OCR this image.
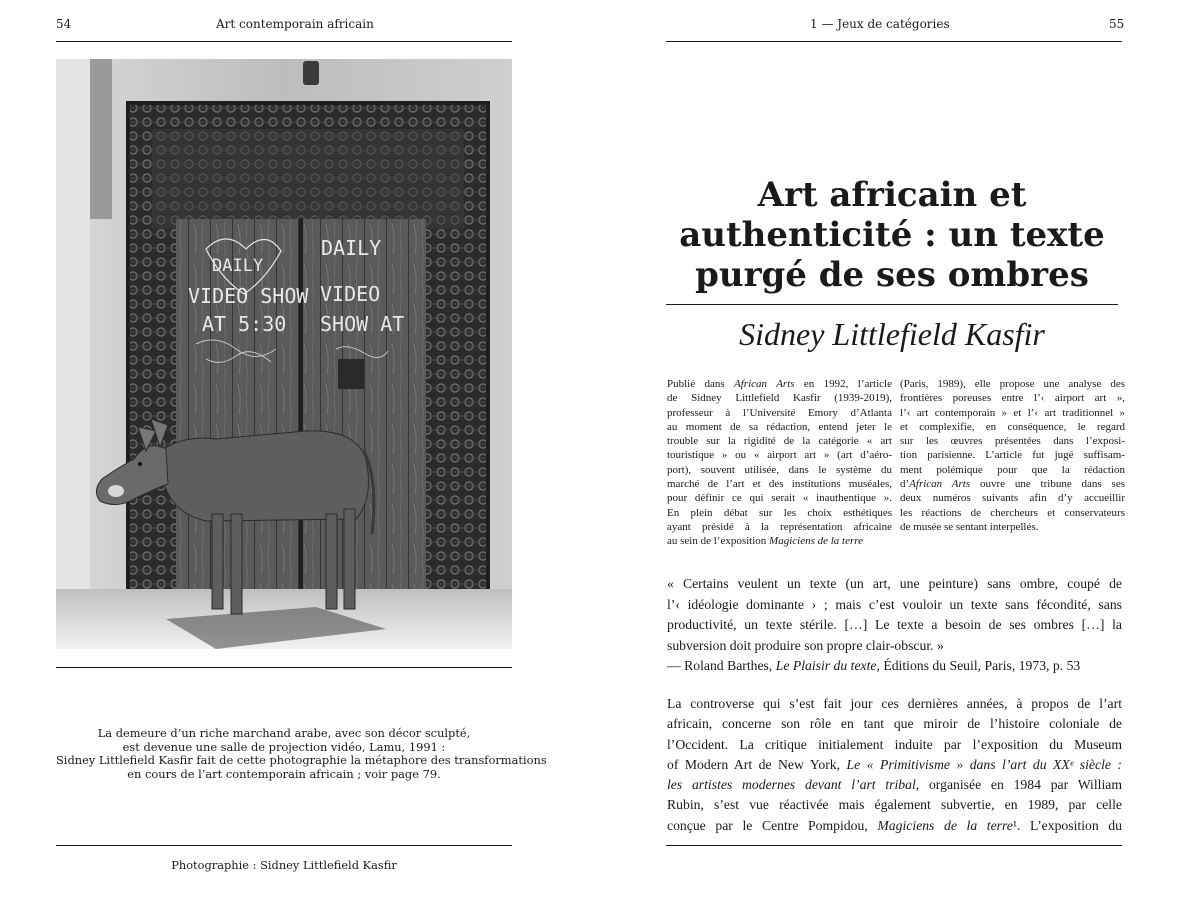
54	Art contemporain africain
DAILY
VIDEO SHOW
AT 5:30
DAILY
VIDEO
SHOW AT
La demeure d’un riche marchand arabe, avec son décor sculpté,
est devenue une salle de projection vidéo, Lamu, 1991 :
Sidney Littlefield Kasfir fait de cette photographie la métaphore des transformations
en cours de l’art contemporain africain ; voir page 79.
Photographie : Sidney Littlefield Kasfir
1 — Jeux de catégories	55
Art africain et
authenticité : un texte
purgé de ses ombres
Sidney Littlefield Kasfir
Publié dans African Arts en 1992, l’article
de Sidney Littlefield Kasfir (1939-2019),
professeur à l’Université Emory d’Atlanta
au moment de sa rédaction, entend jeter le
trouble sur la rigidité de la catégorie « art
touristique » ou « airport art » (art d’aéro-
port), souvent utilisée, dans le système du
marché de l’art et des institutions muséales,
pour définir ce qui serait « inauthentique ».
En plein débat sur les choix esthétiques
ayant présidé à la représentation africaine
au sein de l’exposition Magiciens de la terre
(Paris, 1989), elle propose une analyse des
frontières poreuses entre l’‹ airport art »,
l’‹ art contemporain » et l’‹ art traditionnel »
et complexifie, en conséquence, le regard
sur les œuvres présentées dans l’exposi-
tion parisienne. L’article fut jugé suffisam-
ment polémique pour que la rédaction
d’African Arts ouvre une tribune dans ses
deux numéros suivants afin d’y accueillir
les réactions de chercheurs et conservateurs
de musée se sentant interpellés.
« Certains veulent un texte (un art, une peinture) sans ombre, coupé de
l’‹ idéologie dominante › ; mais c’est vouloir un texte sans fécondité, sans
productivité, un texte stérile. […] Le texte a besoin de ses ombres […] la
subversion doit produire son propre clair-obscur. »
— Roland Barthes, Le Plaisir du texte, Éditions du Seuil, Paris, 1973, p. 53
La controverse qui s’est fait jour ces dernières années, à propos de l’art
africain, concerne son rôle en tant que miroir de l’histoire coloniale de
l’Occident. La critique initialement induite par l’exposition du Museum
of Modern Art de New York, Le « Primitivisme » dans l’art du XXᵉ siècle :
les artistes modernes devant l’art tribal, organisée en 1984 par William
Rubin, s’est vue réactivée mais également subvertie, en 1989, par celle
conçue par le Centre Pompidou, Magiciens de la terre¹. L’exposition du
